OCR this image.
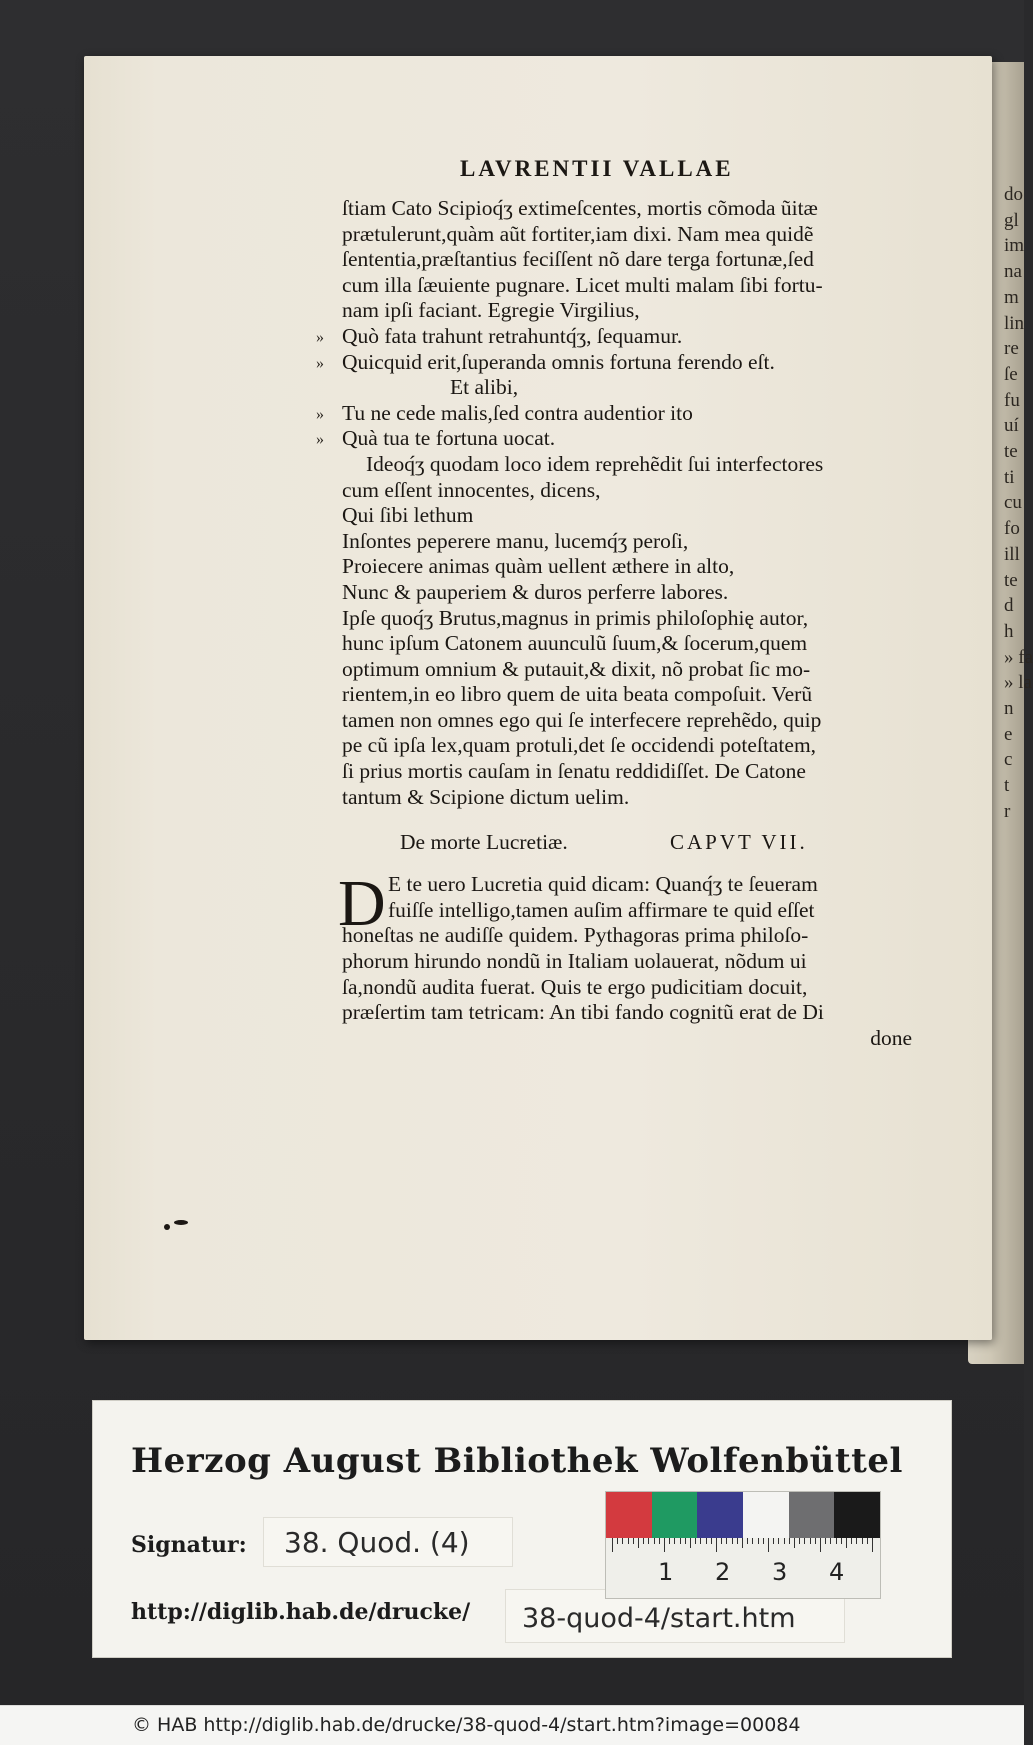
do
gl
im
na
m
lin
re
ſe
fu
uí
te
ti
cu
fo
ill
te
d
h
» fa
» la
n
e
c
t
r
LAVRENTII VALLAE
ſtiam Cato Scipioq́ʒ extimeſcentes, mortis cõmoda ũitæ
prætulerunt,quàm aũt fortiter,iam dixi. Nam mea quidẽ
ſententia,præſtantius feciſſent nõ dare terga fortunæ,ſed
cum illa ſæuiente pugnare. Licet multi malam ſibi fortu-
nam ipſi faciant. Egregie Virgilius,
» Quò fata trahunt retrahuntq́ʒ, ſequamur.
» Quicquid erit,ſuperanda omnis fortuna ferendo eſt.
Et alibi,
» Tu ne cede malis,ſed contra audentior ito
» Quà tua te fortuna uocat.
Ideoq́ʒ quodam loco idem reprehẽdit ſui interfectores
cum eſſent innocentes, dicens,
Qui ſibi lethum
Inſontes peperere manu, lucemq́ʒ peroſi,
Proiecere animas quàm uellent æthere in alto,
Nunc & pauperiem & duros perferre labores.
Ipſe quoq́ʒ Brutus,magnus in primis philoſophię autor,
hunc ipſum Catonem auunculũ ſuum,& ſocerum,quem
optimum omnium & putauit,& dixit, nõ probat ſic mo-
rientem,in eo libro quem de uita beata compoſuit. Verũ
tamen non omnes ego qui ſe interfecere reprehẽdo, quip
pe cũ ipſa lex,quam protuli,det ſe occidendi poteſtatem,
ſi prius mortis cauſam in ſenatu reddidiſſet. De Catone
tantum & Scipione dictum uelim.
De morte Lucretiæ.	CAPVT VII.
D E te uero Lucretia quid dicam: Quanq́ʒ te ſeueram
fuiſſe intelligo,tamen auſim affirmare te quid eſſet
honeſtas ne audiſſe quidem. Pythagoras prima philoſo-
phorum hirundo nondũ in Italiam uolauerat, nõdum ui
ſa,nondũ audita fuerat. Quis te ergo pudicitiam docuit,
præſertim tam tetricam: An tibi fando cognitũ erat de Di
done
Herzog August Bibliothek Wolfenbüttel
Signatur:	38. Quod. (4)
http://diglib.hab.de/drucke/	38-quod-4/start.htm
1 2 3 4
© HAB http://diglib.hab.de/drucke/38-quod-4/start.htm?image=00084
